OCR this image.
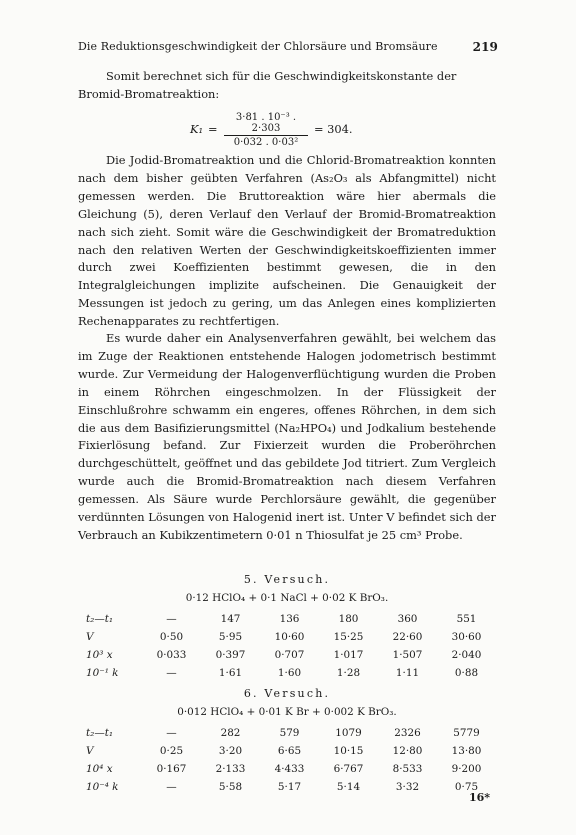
Die Reduktionsgeschwindigkeit der Chlorsäure und Bromsäure	219

Somit berechnet sich für die Geschwindigkeitskonstante der

Bromid-Bromatreaktion:

$K_1 = \frac{\text{3·81 . 10⁻³ . 2·303}}{\text{0·032 . 0·03²}} = 304$.

Die Jodid-Bromatreaktion und die Chlorid-Bromatreaktion konnten nach dem bisher geübten Verfahren (As₂O₃ als Abfangmittel) nicht gemessen werden. Die Bruttoreaktion wäre hier abermals die Gleichung (5), deren Verlauf den Verlauf der Bromid-Bromatreaktion nach sich zieht. Somit wäre die Geschwindigkeit der Bromatreduktion nach den relativen Werten der Geschwindigkeitskoeffizienten immer durch zwei Koeffizienten bestimmt gewesen, die in den Integralgleichungen implizite aufscheinen. Die Genauigkeit der Messungen ist jedoch zu gering, um das Anlegen eines komplizierten Rechenapparates zu rechtfertigen.

Es wurde daher ein Analysenverfahren gewählt, bei welchem das im Zuge der Reaktionen entstehende Halogen jodometrisch bestimmt wurde. Zur Vermeidung der Halogenverflüchtigung wurden die Proben in einem Röhrchen eingeschmolzen. In der Flüssigkeit der Einschlußrohre schwamm ein engeres, offenes Röhrchen, in dem sich die aus dem Basifizierungsmittel (Na₂HPO₄) und Jodkalium bestehende Fixierlösung befand. Zur Fixierzeit wurden die Proberöhrchen durchgeschüttelt, geöffnet und das gebildete Jod titriert. Zum Vergleich wurde auch die Bromid-Bromatreaktion nach diesem Verfahren gemessen. Als Säure wurde Perchlorsäure gewählt, die gegenüber verdünnten Lösungen von Halogenid inert ist. Unter V befindet sich der Verbrauch an Kubikzentimetern 0·01 n Thiosulfat je 25 cm³ Probe.

5. Versuch.
0·12 HClO₄ + 0·1 NaCl + 0·02 K BrO₃.
t₂—t₁	—	147	136	180	360	551
V	0·50	5·95	10·60	15·25	22·60	30·60
10³ x	0·033	0·397	0·707	1·017	1·507	2·040
10⁻¹ k	—	1·61	1·60	1·28	1·11	0·88
6. Versuch.
0·012 HClO₄ + 0·01 K Br + 0·002 K BrO₃.
t₂—t₁	—	282	579	1079	2326	5779
V	0·25	3·20	6·65	10·15	12·80	13·80
10⁴ x	0·167	2·133	4·433	6·767	8·533	9·200
10⁻⁴ k	—	5·58	5·17	5·14	3·32	0·75
16*
